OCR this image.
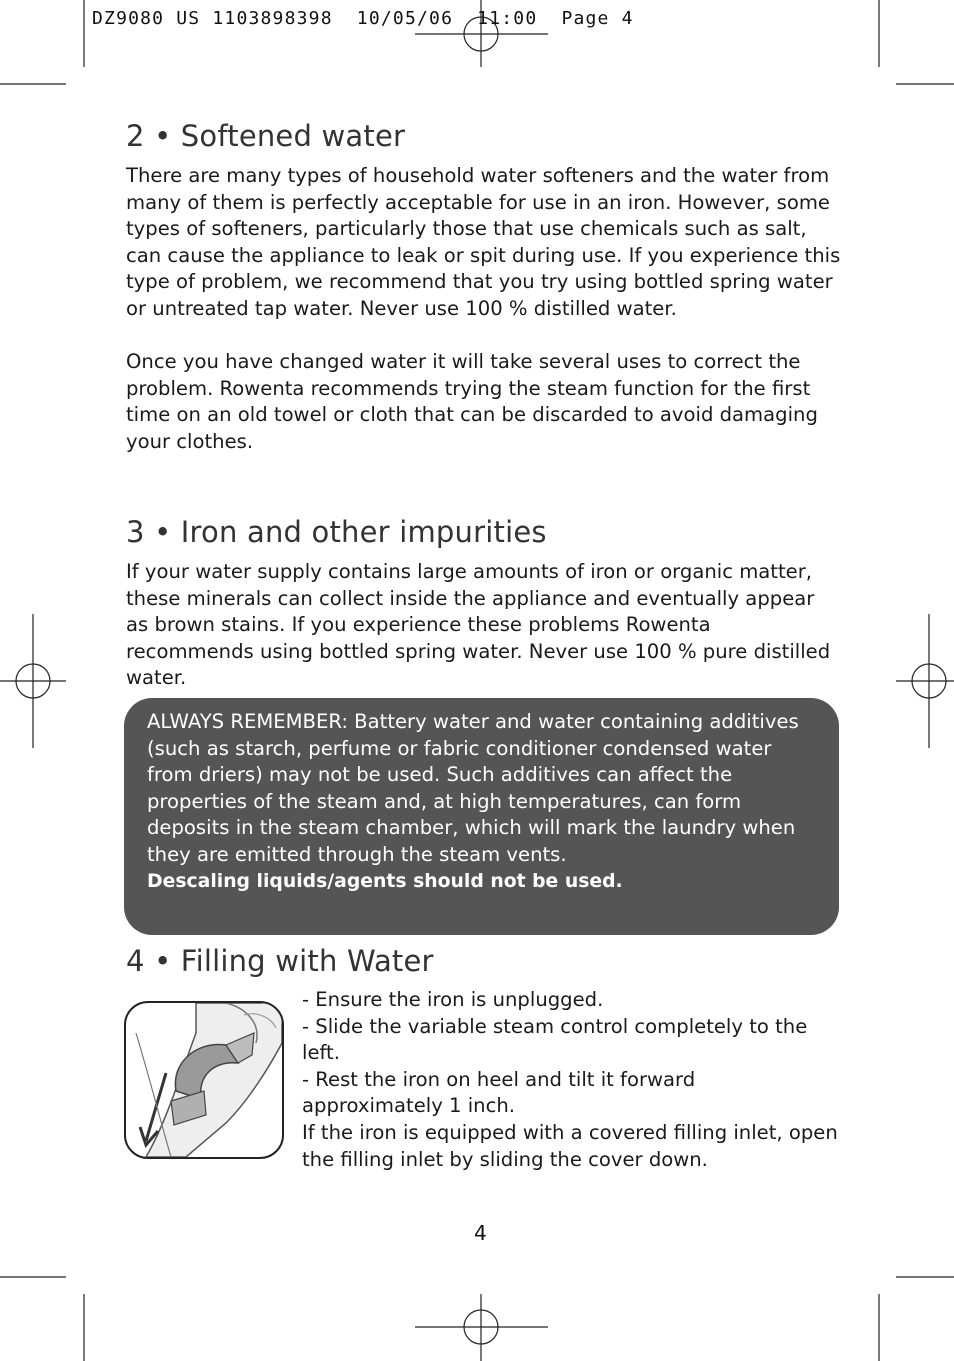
DZ9080 US 1103898398  10/05/06  11:00  Page 4
2 • Softened water

There are many types of household water softeners and the water from many of them is perfectly acceptable for use in an iron. However, some types of softeners, particularly those that use chemicals such as salt, can cause the appliance to leak or spit during use. If you experience this type of problem, we recommend that you try using bottled spring water or untreated tap water. Never use 100 % distilled water.

Once you have changed water it will take several uses to correct the problem. Rowenta recommends trying the steam function for the first time on an old towel or cloth that can be discarded to avoid damaging your clothes.

3 • Iron and other impurities

If your water supply contains large amounts of iron or organic matter, these minerals can collect inside the appliance and eventually appear as brown stains. If you experience these problems Rowenta recommends using bottled spring water. Never use 100 % pure distilled water.

ALWAYS REMEMBER: Battery water and water containing additives (such as starch, perfume or fabric conditioner condensed water from driers) may not be used. Such additives can affect the properties of the steam and, at high temperatures, can form deposits in the steam chamber, which will mark the laundry when they are emitted through the steam vents.

Descaling liquids/agents should not be used.

4 • Filling with Water
- Ensure the iron is unplugged.
- Slide the variable steam control completely to the left.
- Rest the iron on heel and tilt it forward approximately 1 inch.
If the iron is equipped with a covered filling inlet, open the filling inlet by sliding the cover down.
4
